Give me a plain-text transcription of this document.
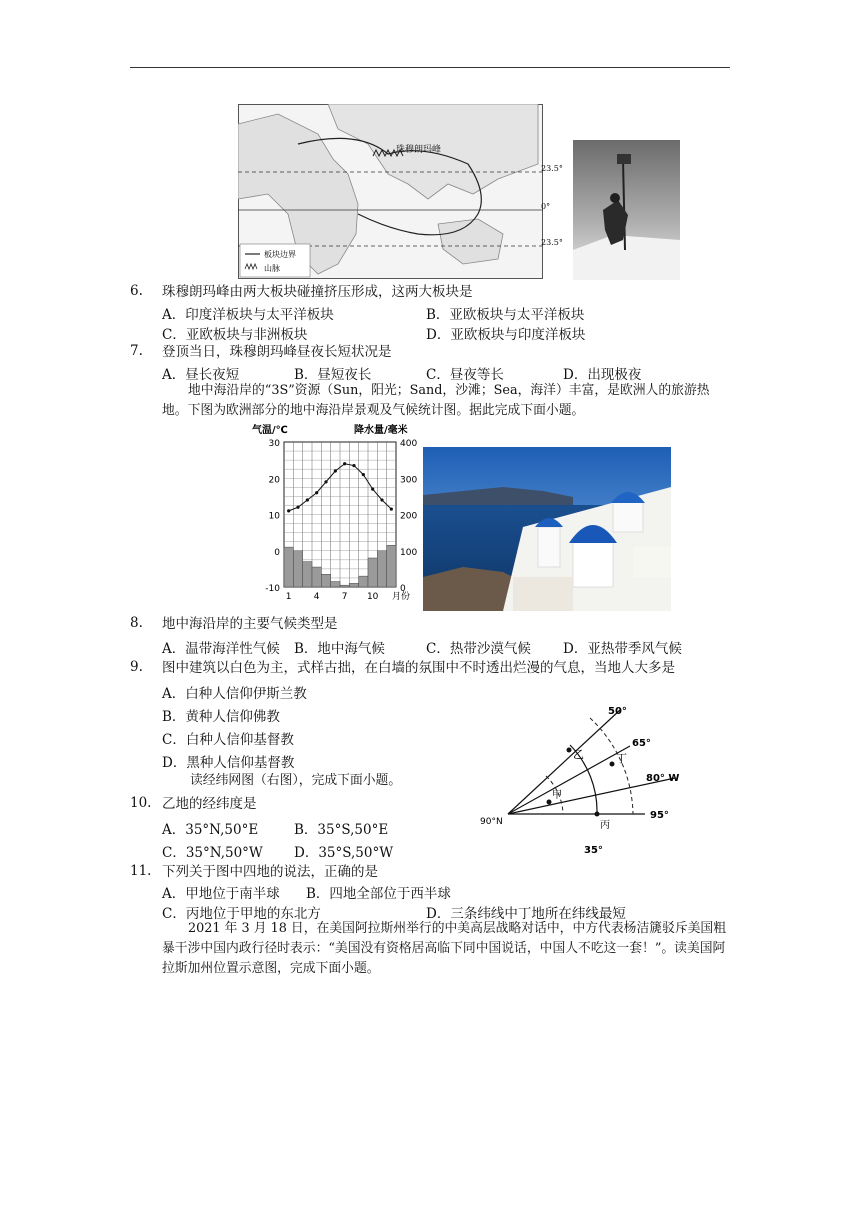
珠穆朗玛峰
板块边界
山脉
23.5°
0°
23.5°
6. 珠穆朗玛峰由两大板块碰撞挤压形成，这两大板块是
A．印度洋板块与太平洋板块	B．亚欧板块与太平洋板块
C．亚欧板块与非洲板块	D．亚欧板块与印度洋板块
7. 登顶当日，珠穆朗玛峰昼夜长短状况是
A．昼长夜短	B．昼短夜长	C．昼夜等长	D．出现极夜
地中海沿岸的“3S”资源（Sun，阳光；Sand，沙滩；Sea，海洋）丰富，是欧洲人的旅游热地。下图为欧洲部分的地中海沿岸景观及气候统计图。据此完成下面小题。
气温/℃	降水量/毫米
30
20
10
0
-10
400
300
200
100
0
1 4 7 10 月份
8. 地中海沿岸的主要气候类型是
A．温带海洋性气候 B．地中海气候	C．热带沙漠气候 D．亚热带季风气候
9. 图中建筑以白色为主，式样古拙，在白墙的氛围中不时透出烂漫的气息，当地人大多是
A．白种人信仰伊斯兰教
B．黄种人信仰佛教
C．白种人信仰基督教
D．黑种人信仰基督教
读经纬网图（右图），完成下面小题。
50°
65°
80° W
95°
90°N
35°
甲
乙
丙
丁
10. 乙地的经纬度是
A．35°N,50°E	B．35°S,50°E
C．35°N,50°W D．35°S,50°W
11. 下列关于图中四地的说法，正确的是
A．甲地位于南半球 B．四地全部位于西半球
C．丙地位于甲地的东北方	D．三条纬线中丁地所在纬线最短
2021 年 3 月 18 日，在美国阿拉斯州举行的中美高层战略对话中，中方代表杨洁篪驳斥美国粗暴干涉中国内政行径时表示：“美国没有资格居高临下同中国说话，中国人不吃这一套！”。读美国阿拉斯加州位置示意图，完成下面小题。
